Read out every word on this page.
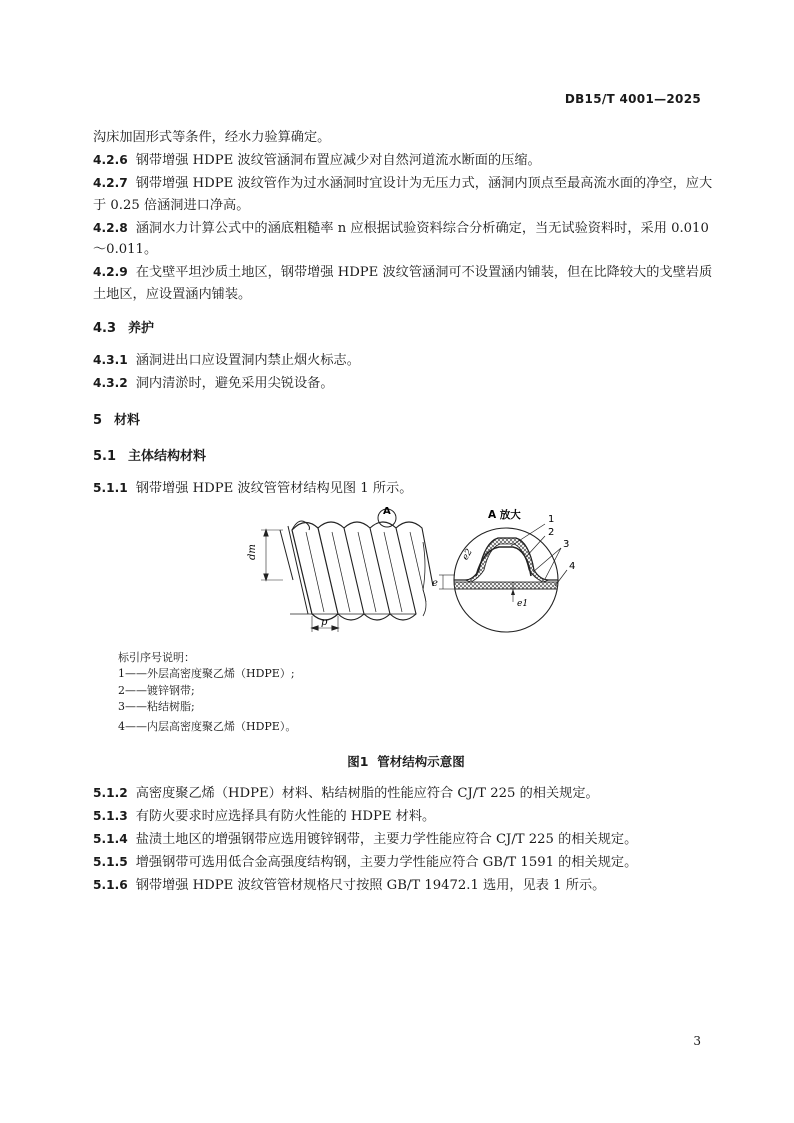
DB15/T 4001—2025
沟床加固形式等条件，经水力验算确定。
4.2.6 钢带增强 HDPE 波纹管涵洞布置应减少对自然河道流水断面的压缩。
4.2.7 钢带增强 HDPE 波纹管作为过水涵洞时宜设计为无压力式，涵洞内顶点至最高流水面的净空，应大于 0.25 倍涵洞进口净高。
4.2.8 涵洞水力计算公式中的涵底粗糙率 n 应根据试验资料综合分析确定，当无试验资料时，采用 0.010～0.011。
4.2.9 在戈壁平坦沙质土地区，钢带增强 HDPE 波纹管涵洞可不设置涵内铺装，但在比降较大的戈壁岩质土地区，应设置涵内铺装。
4.3 养护
4.3.1 涵洞进出口应设置洞内禁止烟火标志。
4.3.2 洞内清淤时，避免采用尖锐设备。
5 材料
5.1 主体结构材料
5.1.1 钢带增强 HDPE 波纹管管材结构见图 1 所示。
A
dm
p
A 放大	1
2
3
4
e
e1
e2
标引序号说明：
1——外层高密度聚乙烯（HDPE）;
2——镀锌钢带;
3——粘结树脂;
4——内层高密度聚乙烯（HDPE）。
图1 管材结构示意图
5.1.2 高密度聚乙烯（HDPE）材料、粘结树脂的性能应符合 CJ/T 225 的相关规定。
5.1.3 有防火要求时应选择具有防火性能的 HDPE 材料。
5.1.4 盐渍土地区的增强钢带应选用镀锌钢带，主要力学性能应符合 CJ/T 225 的相关规定。
5.1.5 增强钢带可选用低合金高强度结构钢，主要力学性能应符合 GB/T 1591 的相关规定。
5.1.6 钢带增强 HDPE 波纹管管材规格尺寸按照 GB/T 19472.1 选用，见表 1 所示。
3
